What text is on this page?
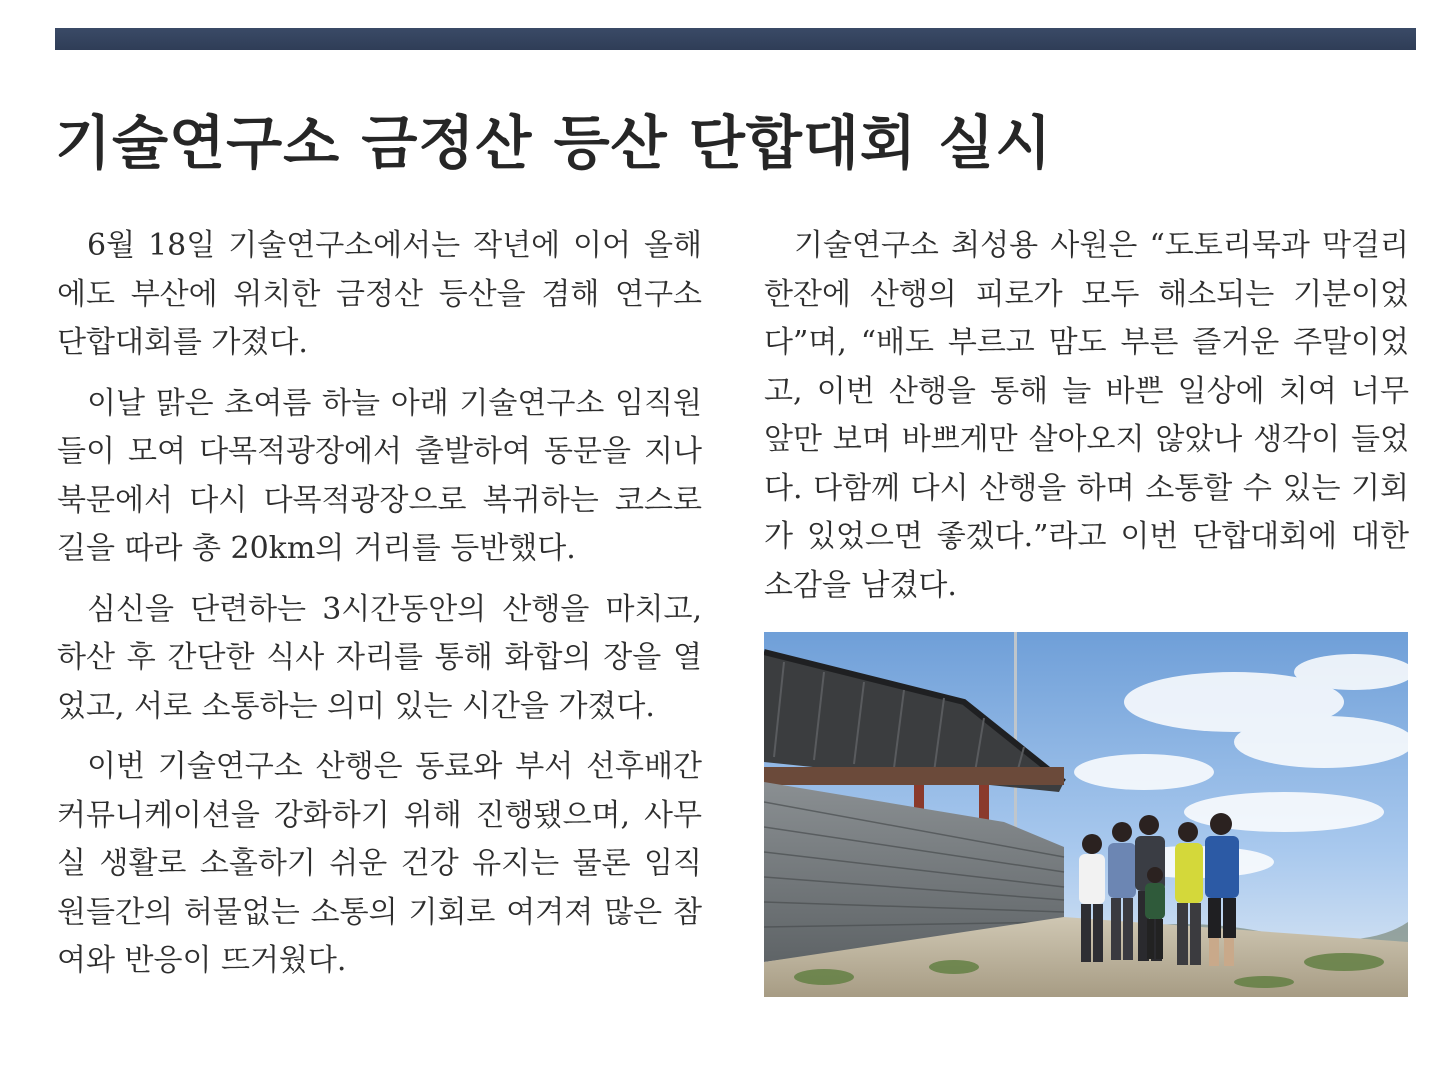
기술연구소 금정산 등산 단합대회 실시

6월 18일 기술연구소에서는 작년에 이어 올해에도 부산에 위치한 금정산 등산을 겸해 연구소 단합대회를 가졌다.

이날 맑은 초여름 하늘 아래 기술연구소 임직원들이 모여 다목적광장에서 출발하여 동문을 지나 북문에서 다시 다목적광장으로 복귀하는 코스로 길을 따라 총 20km의 거리를 등반했다.

심신을 단련하는 3시간동안의 산행을 마치고, 하산 후 간단한 식사 자리를 통해 화합의 장을 열었고, 서로 소통하는 의미 있는 시간을 가졌다.

이번 기술연구소 산행은 동료와 부서 선후배간 커뮤니케이션을 강화하기 위해 진행됐으며, 사무실 생활로 소홀하기 쉬운 건강 유지는 물론 임직원들간의 허물없는 소통의 기회로 여겨져 많은 참여와 반응이 뜨거웠다.

기술연구소 최성용 사원은 “도토리묵과 막걸리 한잔에 산행의 피로가 모두 해소되는 기분이었다”며, “배도 부르고 맘도 부른 즐거운 주말이었고, 이번 산행을 통해 늘 바쁜 일상에 치여 너무 앞만 보며 바쁘게만 살아오지 않았나 생각이 들었다. 다함께 다시 산행을 하며 소통할 수 있는 기회가 있었으면 좋겠다.”라고 이번 단합대회에 대한 소감을 남겼다.
